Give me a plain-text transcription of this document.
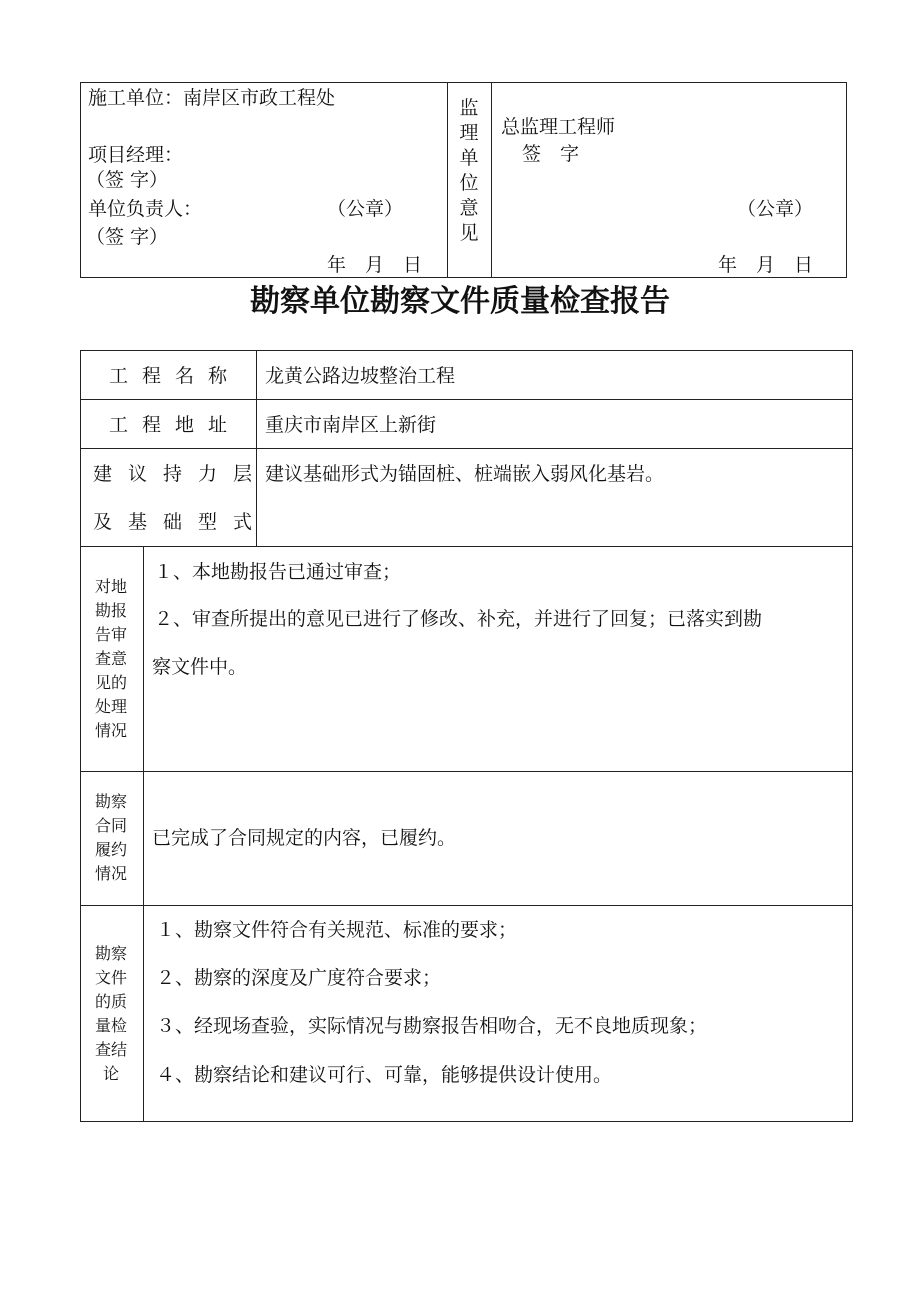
施工单位：南岸区市政工程处
项目经理：
（签 字）
单位负责人：	（公章）
（签 字）
年　月　日
监理单位意见
总监理工程师
签　字
（公章）
年　月　日
勘察单位勘察文件质量检查报告
工程名称 龙黄公路边坡整治工程
工程地址 重庆市南岸区上新街
建议持力层
及基础型式
建议基础形式为锚固桩、桩端嵌入弱风化基岩。
对地勘报告审查意见的处理情况
１、本地勘报告已通过审查；
２、审查所提出的意见已进行了修改、补充，并进行了回复；已落实到勘
察文件中。
勘察合同履约情况
已完成了合同规定的内容，已履约。
勘察文件的质量检查结论
１、勘察文件符合有关规范、标准的要求；
２、勘察的深度及广度符合要求；
３、经现场查验，实际情况与勘察报告相吻合，无不良地质现象；
４、勘察结论和建议可行、可靠，能够提供设计使用。
